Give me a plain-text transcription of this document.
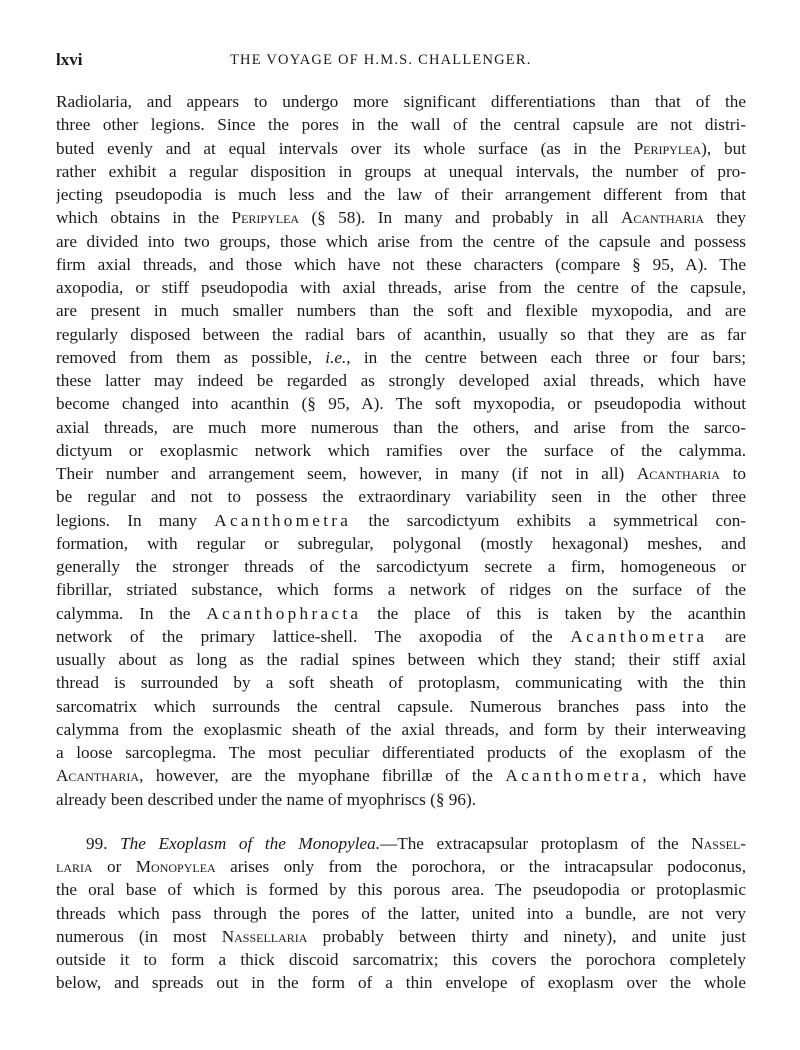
lxvi	THE VOYAGE OF H.M.S. CHALLENGER.
Radiolaria, and appears to undergo more significant differentiations than that of the
three other legions. Since the pores in the wall of the central capsule are not distri-
buted evenly and at equal intervals over its whole surface (as in the Peripylea), but
rather exhibit a regular disposition in groups at unequal intervals, the number of pro-
jecting pseudopodia is much less and the law of their arrangement different from that
which obtains in the Peripylea (§ 58). In many and probably in all Acantharia they
are divided into two groups, those which arise from the centre of the capsule and possess
firm axial threads, and those which have not these characters (compare § 95, A). The
axopodia, or stiff pseudopodia with axial threads, arise from the centre of the capsule,
are present in much smaller numbers than the soft and flexible myxopodia, and are
regularly disposed between the radial bars of acanthin, usually so that they are as far
removed from them as possible, i.e., in the centre between each three or four bars;
these latter may indeed be regarded as strongly developed axial threads, which have
become changed into acanthin (§ 95, A). The soft myxopodia, or pseudopodia without
axial threads, are much more numerous than the others, and arise from the sarco-
dictyum or exoplasmic network which ramifies over the surface of the calymma.
Their number and arrangement seem, however, in many (if not in all) Acantharia to
be regular and not to possess the extraordinary variability seen in the other three
legions. In many Acanthometra the sarcodictyum exhibits a symmetrical con-
formation, with regular or subregular, polygonal (mostly hexagonal) meshes, and
generally the stronger threads of the sarcodictyum secrete a firm, homogeneous or
fibrillar, striated substance, which forms a network of ridges on the surface of the
calymma. In the Acanthophracta the place of this is taken by the acanthin
network of the primary lattice-shell. The axopodia of the Acanthometra are
usually about as long as the radial spines between which they stand; their stiff axial
thread is surrounded by a soft sheath of protoplasm, communicating with the thin
sarcomatrix which surrounds the central capsule. Numerous branches pass into the
calymma from the exoplasmic sheath of the axial threads, and form by their interweaving
a loose sarcoplegma. The most peculiar differentiated products of the exoplasm of the
Acantharia, however, are the myophane fibrillæ of the Acanthometra, which have
already been described under the name of myophriscs (§ 96).
99. The Exoplasm of the Monopylea.—The extracapsular protoplasm of the Nassel-
laria or Monopylea arises only from the porochora, or the intracapsular podoconus,
the oral base of which is formed by this porous area. The pseudopodia or protoplasmic
threads which pass through the pores of the latter, united into a bundle, are not very
numerous (in most Nassellaria probably between thirty and ninety), and unite just
outside it to form a thick discoid sarcomatrix; this covers the porochora completely
below, and spreads out in the form of a thin envelope of exoplasm over the whole
